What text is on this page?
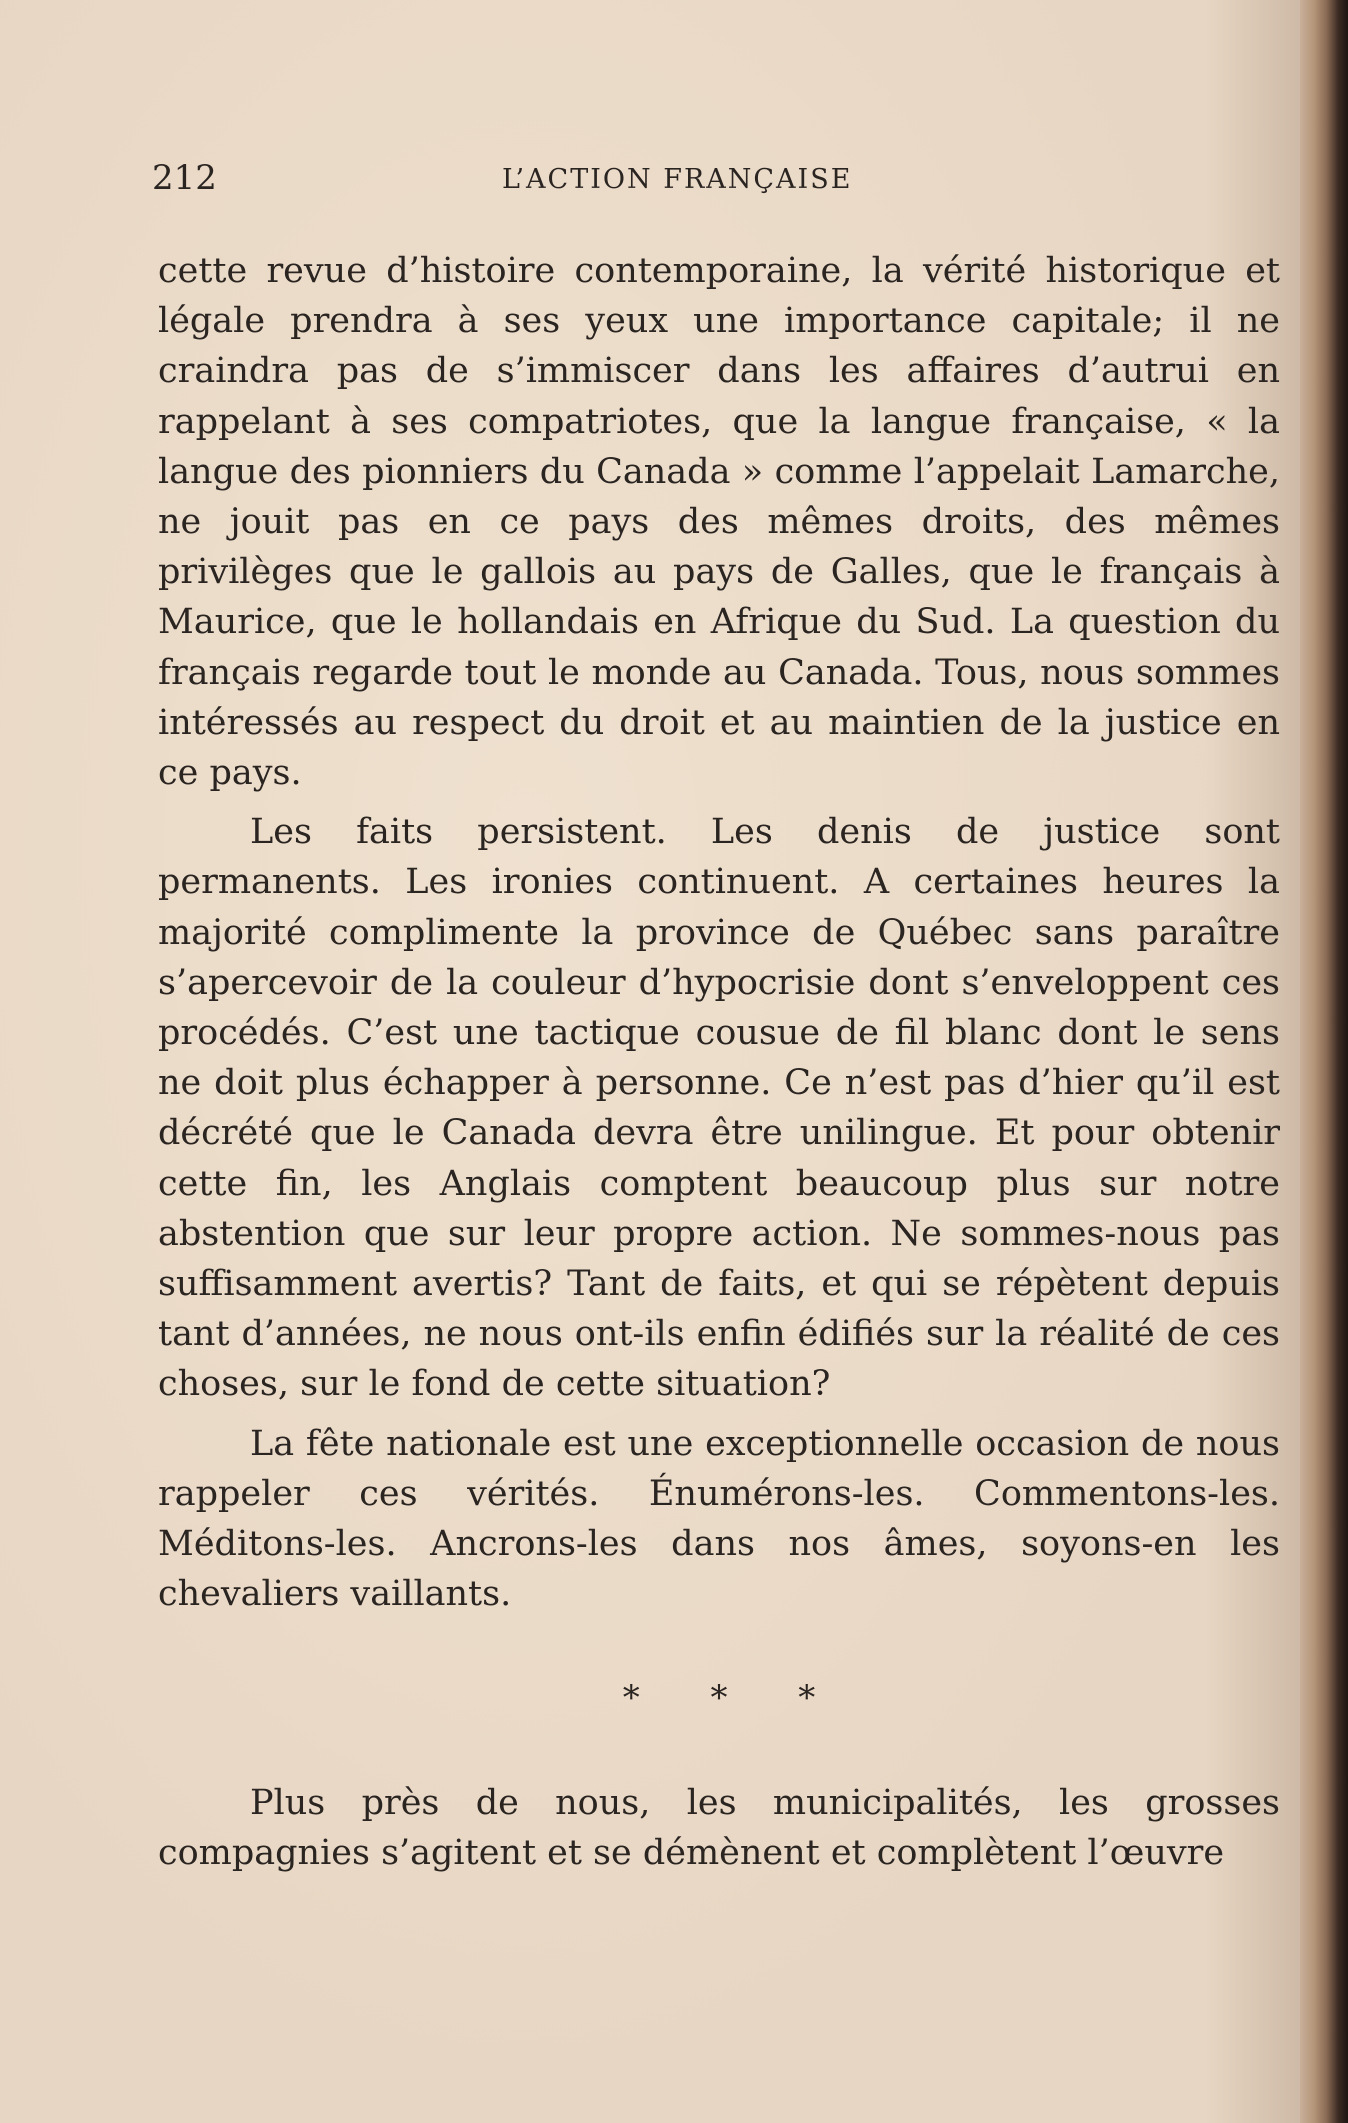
212	L’ACTION FRANÇAISE

cette revue d’histoire contemporaine, la vérité historique et légale prendra à ses yeux une importance capitale; il ne craindra pas de s’immiscer dans les affaires d’autrui en rappelant à ses compatriotes, que la langue française, « la langue des pionniers du Canada » comme l’appelait Lamarche, ne jouit pas en ce pays des mêmes droits, des mêmes privilèges que le gallois au pays de Galles, que le français à Maurice, que le hollandais en Afrique du Sud. La question du français regarde tout le monde au Canada. Tous, nous sommes intéressés au respect du droit et au maintien de la justice en ce pays.

Les faits persistent. Les denis de justice sont permanents. Les ironies continuent. A certaines heures la majorité complimente la province de Québec sans paraître s’apercevoir de la couleur d’hypocrisie dont s’enveloppent ces procédés. C’est une tactique cousue de fil blanc dont le sens ne doit plus échapper à personne. Ce n’est pas d’hier qu’il est décrété que le Canada devra être unilingue. Et pour obtenir cette fin, les Anglais comptent beaucoup plus sur notre abstention que sur leur propre action. Ne sommes-nous pas suffisamment avertis? Tant de faits, et qui se répètent depuis tant d’années, ne nous ont-ils enfin édifiés sur la réalité de ces choses, sur le fond de cette situation?

La fête nationale est une exceptionnelle occasion de nous rappeler ces vérités. Énumérons-les. Commentons-les. Méditons-les. Ancrons-les dans nos âmes, soyons-en les chevaliers vaillants.

* * *

Plus près de nous, les municipalités, les grosses compagnies s’agitent et se démènent et complètent l’œuvre
